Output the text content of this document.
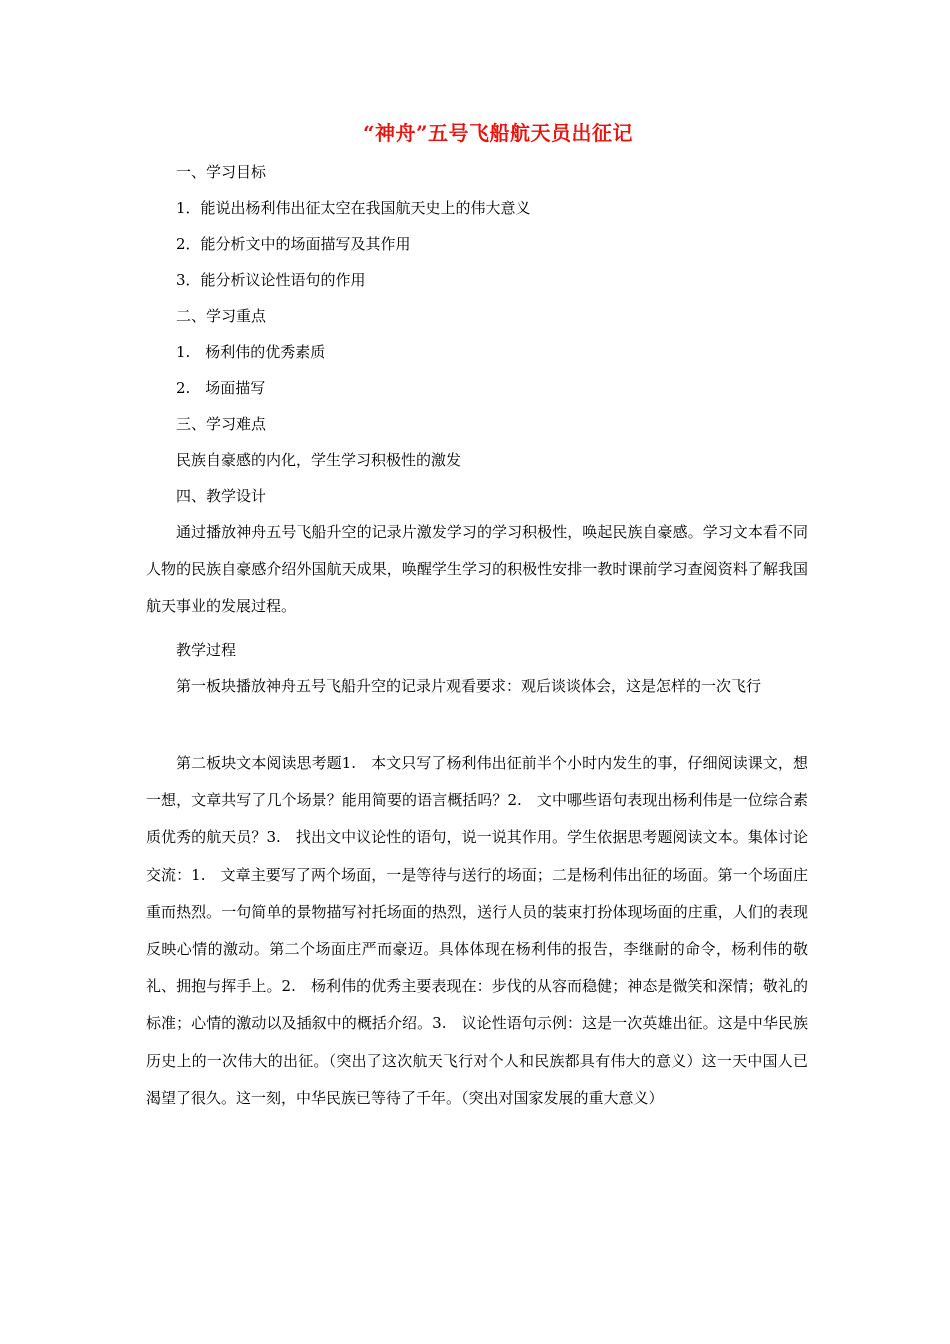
“神舟”五号飞船航天员出征记
一、学习目标
1．能说出杨利伟出征太空在我国航天史上的伟大意义
2．能分析文中的场面描写及其作用
3．能分析议论性语句的作用
二、学习重点
1.　杨利伟的优秀素质
2.　场面描写
三、学习难点
民族自豪感的内化，学生学习积极性的激发
四、教学设计
通过播放神舟五号飞船升空的记录片激发学习的学习积极性，唤起民族自豪感。学习文本看不同人物的民族自豪感介绍外国航天成果，唤醒学生学习的积极性安排一教时课前学习查阅资料了解我国航天事业的发展过程。
教学过程
第一板块播放神舟五号飞船升空的记录片观看要求：观后谈谈体会，这是怎样的一次飞行
第二板块文本阅读思考题1.　本文只写了杨利伟出征前半个小时内发生的事，仔细阅读课文，想一想，文章共写了几个场景？能用简要的语言概括吗？2.　文中哪些语句表现出杨利伟是一位综合素质优秀的航天员？3.　找出文中议论性的语句，说一说其作用。学生依据思考题阅读文本。集体讨论交流：1.　文章主要写了两个场面，一是等待与送行的场面；二是杨利伟出征的场面。第一个场面庄重而热烈。一句简单的景物描写衬托场面的热烈，送行人员的装束打扮体现场面的庄重，人们的表现反映心情的激动。第二个场面庄严而豪迈。具体体现在杨利伟的报告，李继耐的命令，杨利伟的敬礼、拥抱与挥手上。2.　杨利伟的优秀主要表现在：步伐的从容而稳健；神态是微笑和深情；敬礼的标准；心情的激动以及插叙中的概括介绍。3.　议论性语句示例：这是一次英雄出征。这是中华民族历史上的一次伟大的出征。（突出了这次航天飞行对个人和民族都具有伟大的意义）这一天中国人已渴望了很久。这一刻，中华民族已等待了千年。（突出对国家发展的重大意义）
